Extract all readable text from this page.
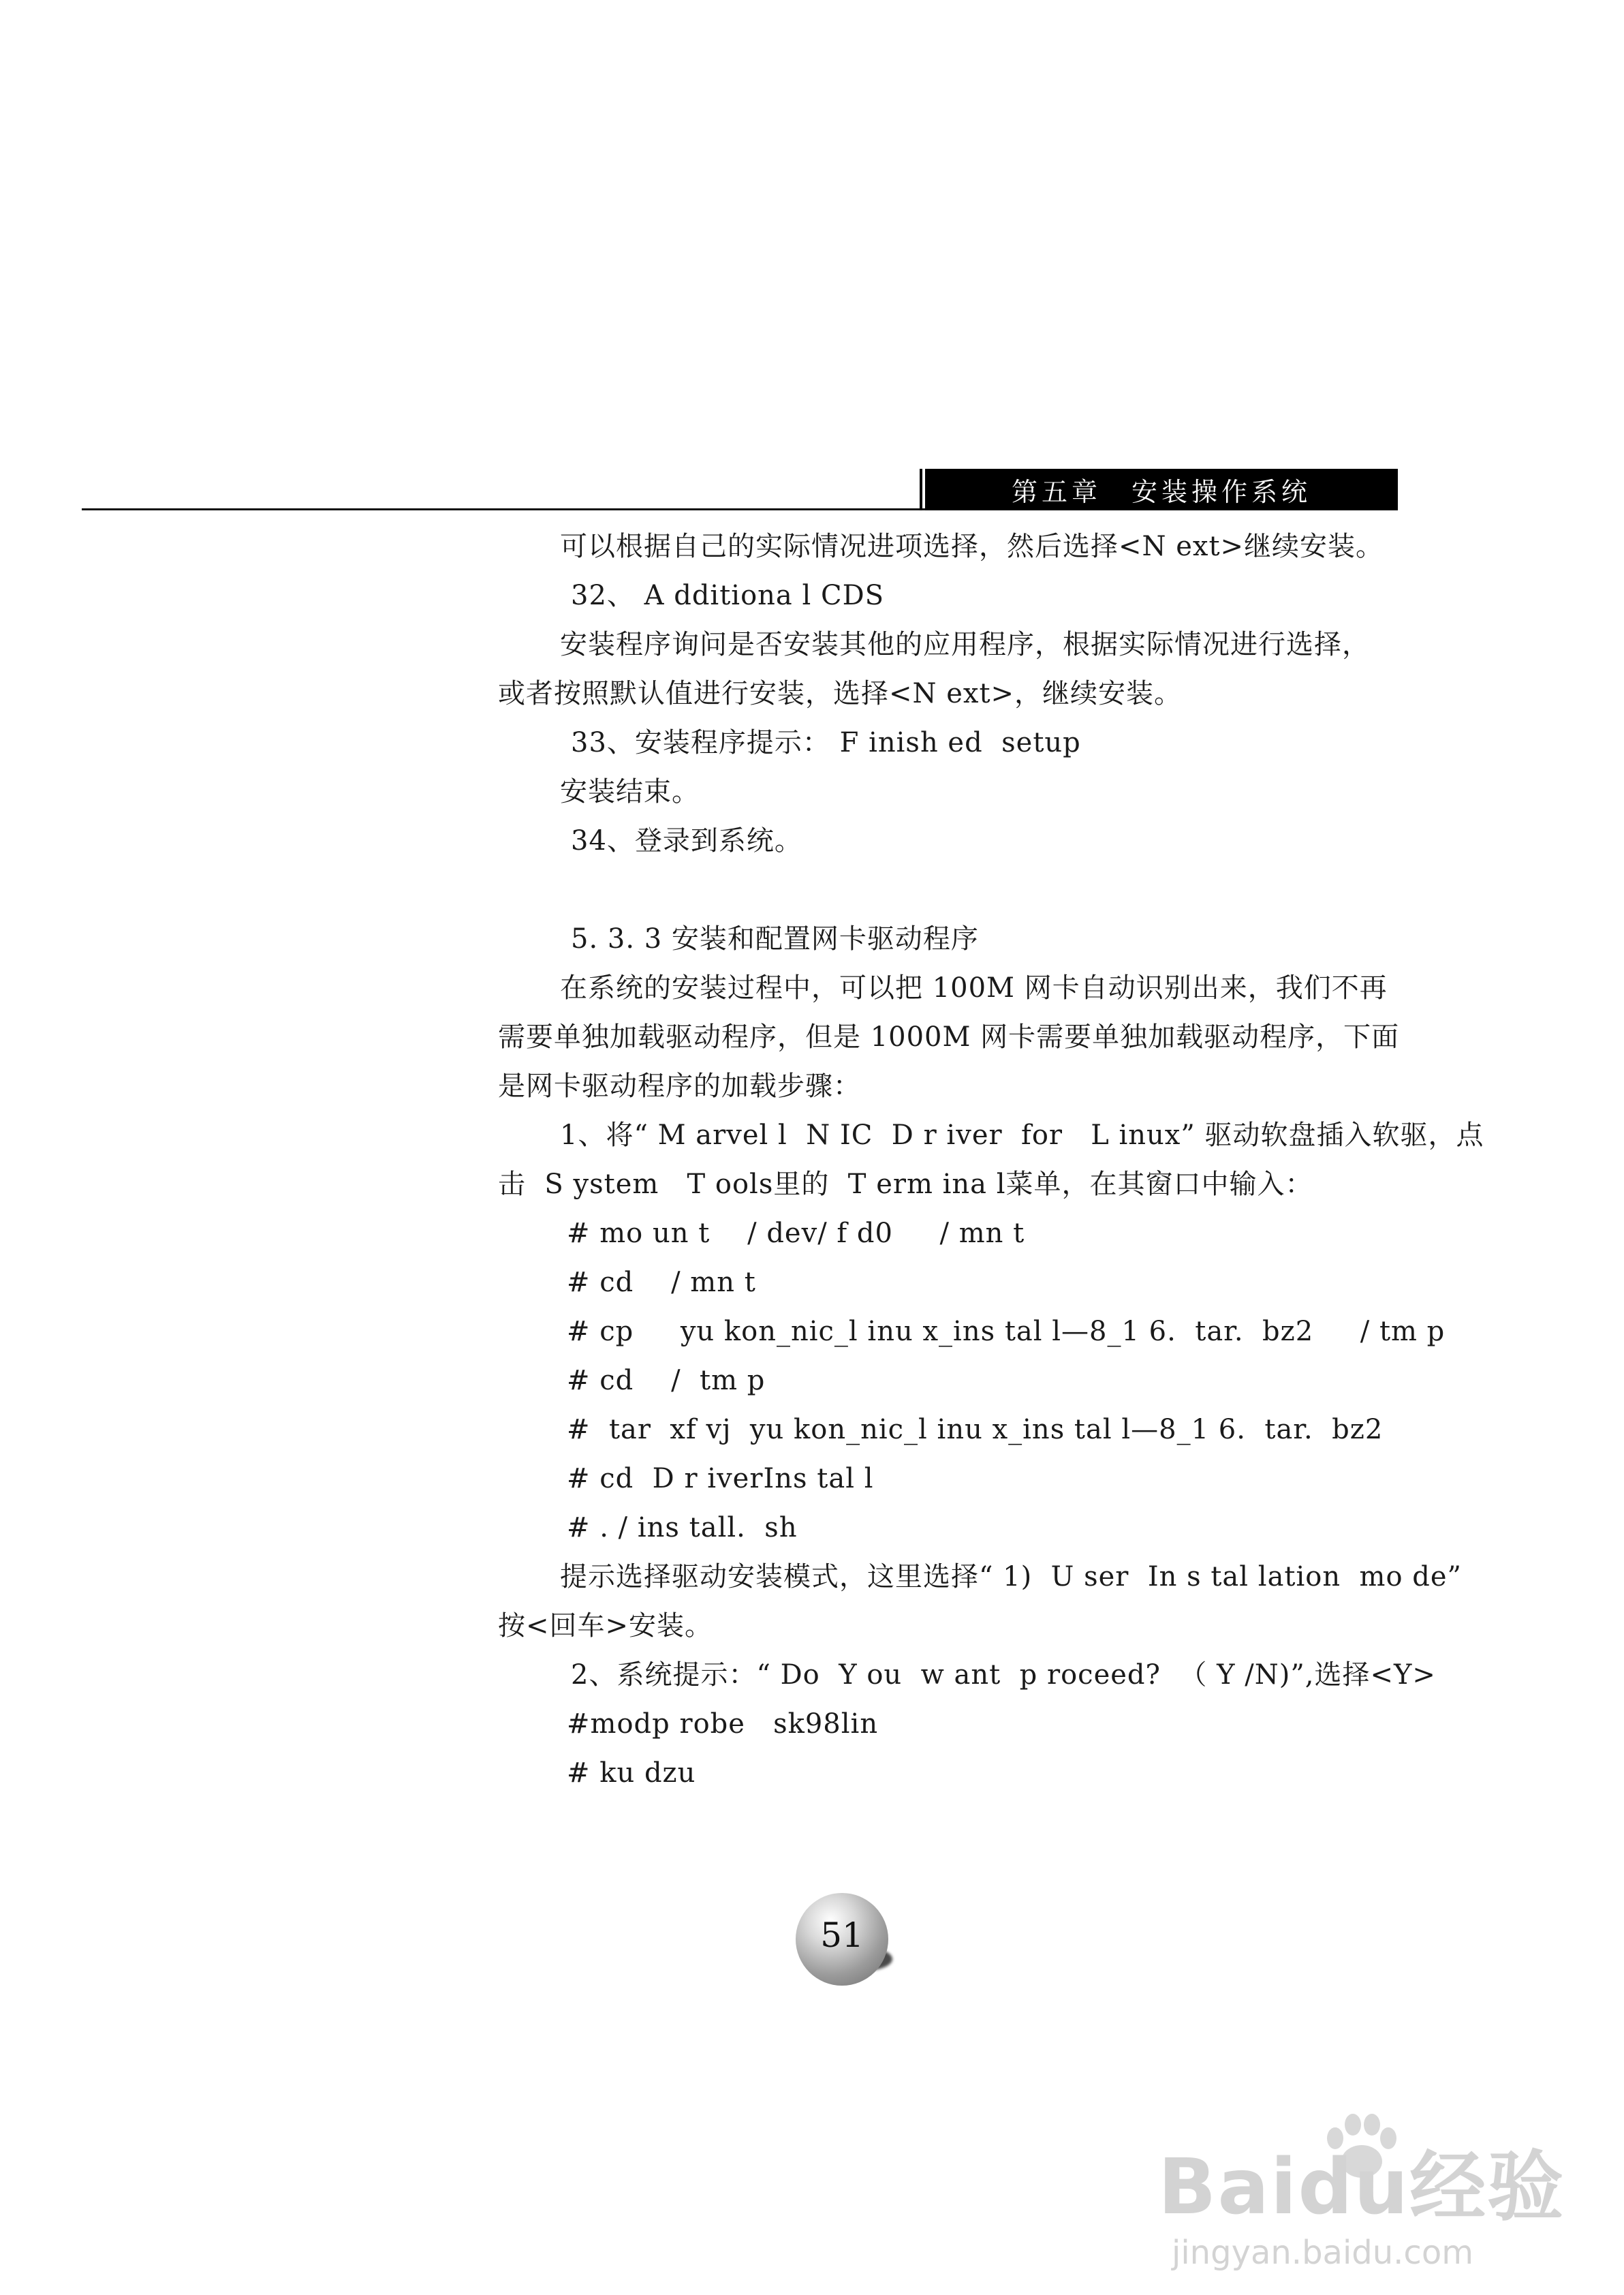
第五章　安装操作系统
可以根据自己的实际情况进项选择，然后选择<N ext>继续安装。
32、 A dditiona l CDS
安装程序询问是否安装其他的应用程序，根据实际情况进行选择，
或者按照默认值进行安装，选择<N ext>，继续安装。
33、安装程序提示： F inish ed  setup
安装结束。
34、登录到系统。
5. 3. 3 安装和配置网卡驱动程序
在系统的安装过程中，可以把 100M 网卡自动识别出来，我们不再
需要单独加载驱动程序，但是 1000M 网卡需要单独加载驱动程序，下面
是网卡驱动程序的加载步骤：
1、将“ M arvel l  N IC  D r iver  for   L inux” 驱动软盘插入软驱，点
击  S ystem   T ools里的  T erm ina l菜单，在其窗口中输入：
# mo un t    / dev/ f d0     / mn t
# cd    / mn t
# cp     yu kon_nic_l inu x_ins tal l—8_1 6.  tar.  bz2     / tm p
# cd    /  tm p
#  tar  xf vj  yu kon_nic_l inu x_ins tal l—8_1 6.  tar.  bz2
# cd  D r iverIns tal l
# . / ins tall.  sh
提示选择驱动安装模式，这里选择“ 1)  U ser  In s tal lation  mo de”
按<回车>安装。
2、系统提示：“ Do  Y ou  w ant  p roceed?  （ Y /N)”,选择<Y>
#modp robe   sk98lin
# ku dzu
51
Baidu经验
jingyan.baidu.com
